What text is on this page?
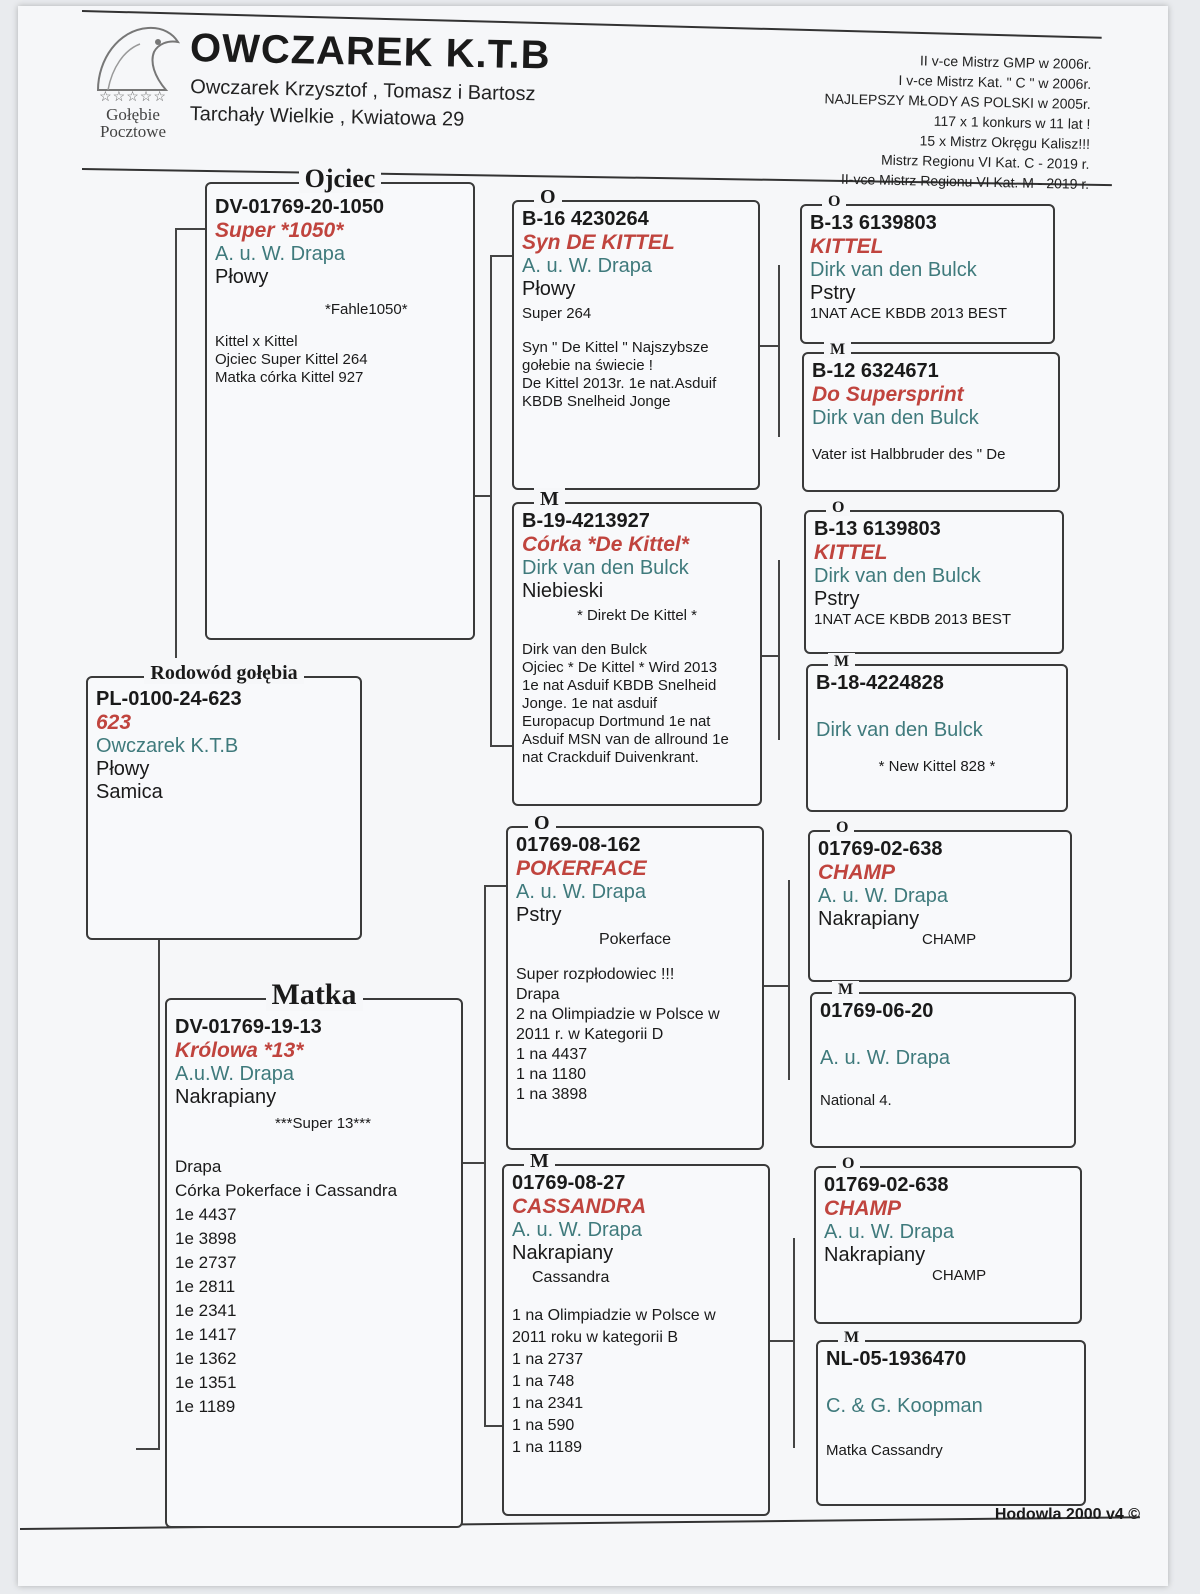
☆☆☆☆☆
Gołębie
Pocztowe
OWCZAREK K.T.B
Owczarek Krzysztof , Tomasz i Bartosz
Tarchały Wielkie , Kwiatowa 29
II v-ce Mistrz GMP w 2006r.
I v-ce Mistrz Kat. " C " w 2006r.
NAJLEPSZY MŁODY AS POLSKI w 2005r.
117 x 1 konkurs w 11 lat !
15 x Mistrz Okręgu Kalisz!!!
Mistrz Regionu VI Kat. C - 2019 r.
II-vce Mistrz Regionu VI Kat. M - 2019 r.
Rodowód gołębia
PL-0100-24-623
623
Owczarek K.T.B
Płowy
Samica
Ojciec
DV-01769-20-1050
Super *1050*
A. u. W. Drapa
Płowy
*Fahle1050*
Kittel x Kittel
Ojciec Super Kittel 264
Matka córka Kittel 927
Matka
DV-01769-19-13
Królowa *13*
A.u.W. Drapa
Nakrapiany
***Super 13***
Drapa
Córka Pokerface i Cassandra
1e 4437
1e 3898
1e 2737
1e 2811
1e 2341
1e 1417
1e 1362
1e 1351
1e 1189
O
B-16 4230264
Syn DE KITTEL
A. u. W. Drapa
Płowy
Super 264
Syn " De Kittel " Najszybsze
gołebie na świecie !
De Kittel 2013r. 1e nat.Asduif
KBDB Snelheid Jonge
M
B-19-4213927
Córka *De Kittel*
Dirk van den Bulck
Niebieski
* Direkt De Kittel *
Dirk van den Bulck
Ojciec * De Kittel * Wird 2013
1e nat Asduif KBDB Snelheid
Jonge. 1e nat asduif
Europacup Dortmund 1e nat
Asduif MSN van de allround 1e
nat Crackduif Duivenkrant.
O
01769-08-162
POKERFACE
A. u. W. Drapa
Pstry
Pokerface
Super rozpłodowiec !!!
Drapa
2 na Olimpiadzie w Polsce w
2011 r. w Kategorii D
1 na 4437
1 na 1180
1 na 3898
M
01769-08-27
CASSANDRA
A. u. W. Drapa
Nakrapiany
Cassandra
1 na Olimpiadzie w Polsce w
2011 roku w kategorii B
1 na 2737
1 na 748
1 na 2341
1 na 590
1 na 1189
O
B-13 6139803
KITTEL
Dirk van den Bulck
Pstry
1NAT ACE KBDB 2013 BEST
M
B-12 6324671
Do Supersprint
Dirk van den Bulck
Vater ist Halbbruder des " De
O
B-13 6139803
KITTEL
Dirk van den Bulck
Pstry
1NAT ACE KBDB 2013 BEST
M
B-18-4224828
Dirk van den Bulck
* New Kittel 828 *
O
01769-02-638
CHAMP
A. u. W. Drapa
Nakrapiany
CHAMP
M
01769-06-20
A. u. W. Drapa
National 4.
O
01769-02-638
CHAMP
A. u. W. Drapa
Nakrapiany
CHAMP
M
NL-05-1936470
C. & G. Koopman
Matka Cassandry
Hodowla 2000 v4 ©
